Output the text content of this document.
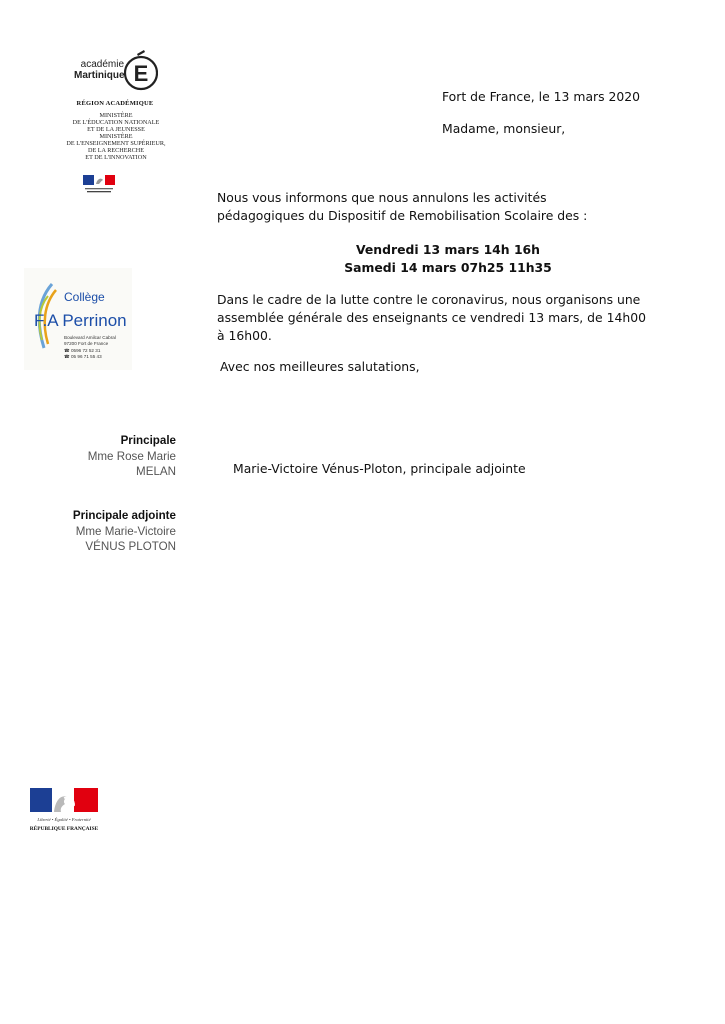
académie
Martinique E
RÉGION ACADÉMIQUE
MINISTÈRE
DE L'ÉDUCATION NATIONALE
ET DE LA JEUNESSE
MINISTÈRE
DE L'ENSEIGNEMENT SUPÉRIEUR,
DE LA RECHERCHE
ET DE L'INNOVATION
Collège
F.A Perrinon
Boulevard Amilcar Cabral
97200 Fort de France
☎ 0596 72 52 31
☎ 05 96 71 55 43
Fort de France, le 13 mars 2020
Madame, monsieur,
Nous vous informons que nous annulons les activités
pédagogiques du Dispositif de Remobilisation Scolaire des :
Vendredi 13 mars 14h 16h
Samedi 14 mars 07h25 11h35
Dans le cadre de la lutte contre le coronavirus, nous organisons une
assemblée générale des enseignants ce vendredi 13 mars, de 14h00
à 16h00.
Avec nos meilleures salutations,
Marie-Victoire Vénus-Ploton, principale adjointe
Principale
Mme Rose Marie
MELAN
Principale adjointe
Mme Marie-Victoire
VÉNUS PLOTON
Liberté • Égalité • Fraternité
RÉPUBLIQUE FRANÇAISE
